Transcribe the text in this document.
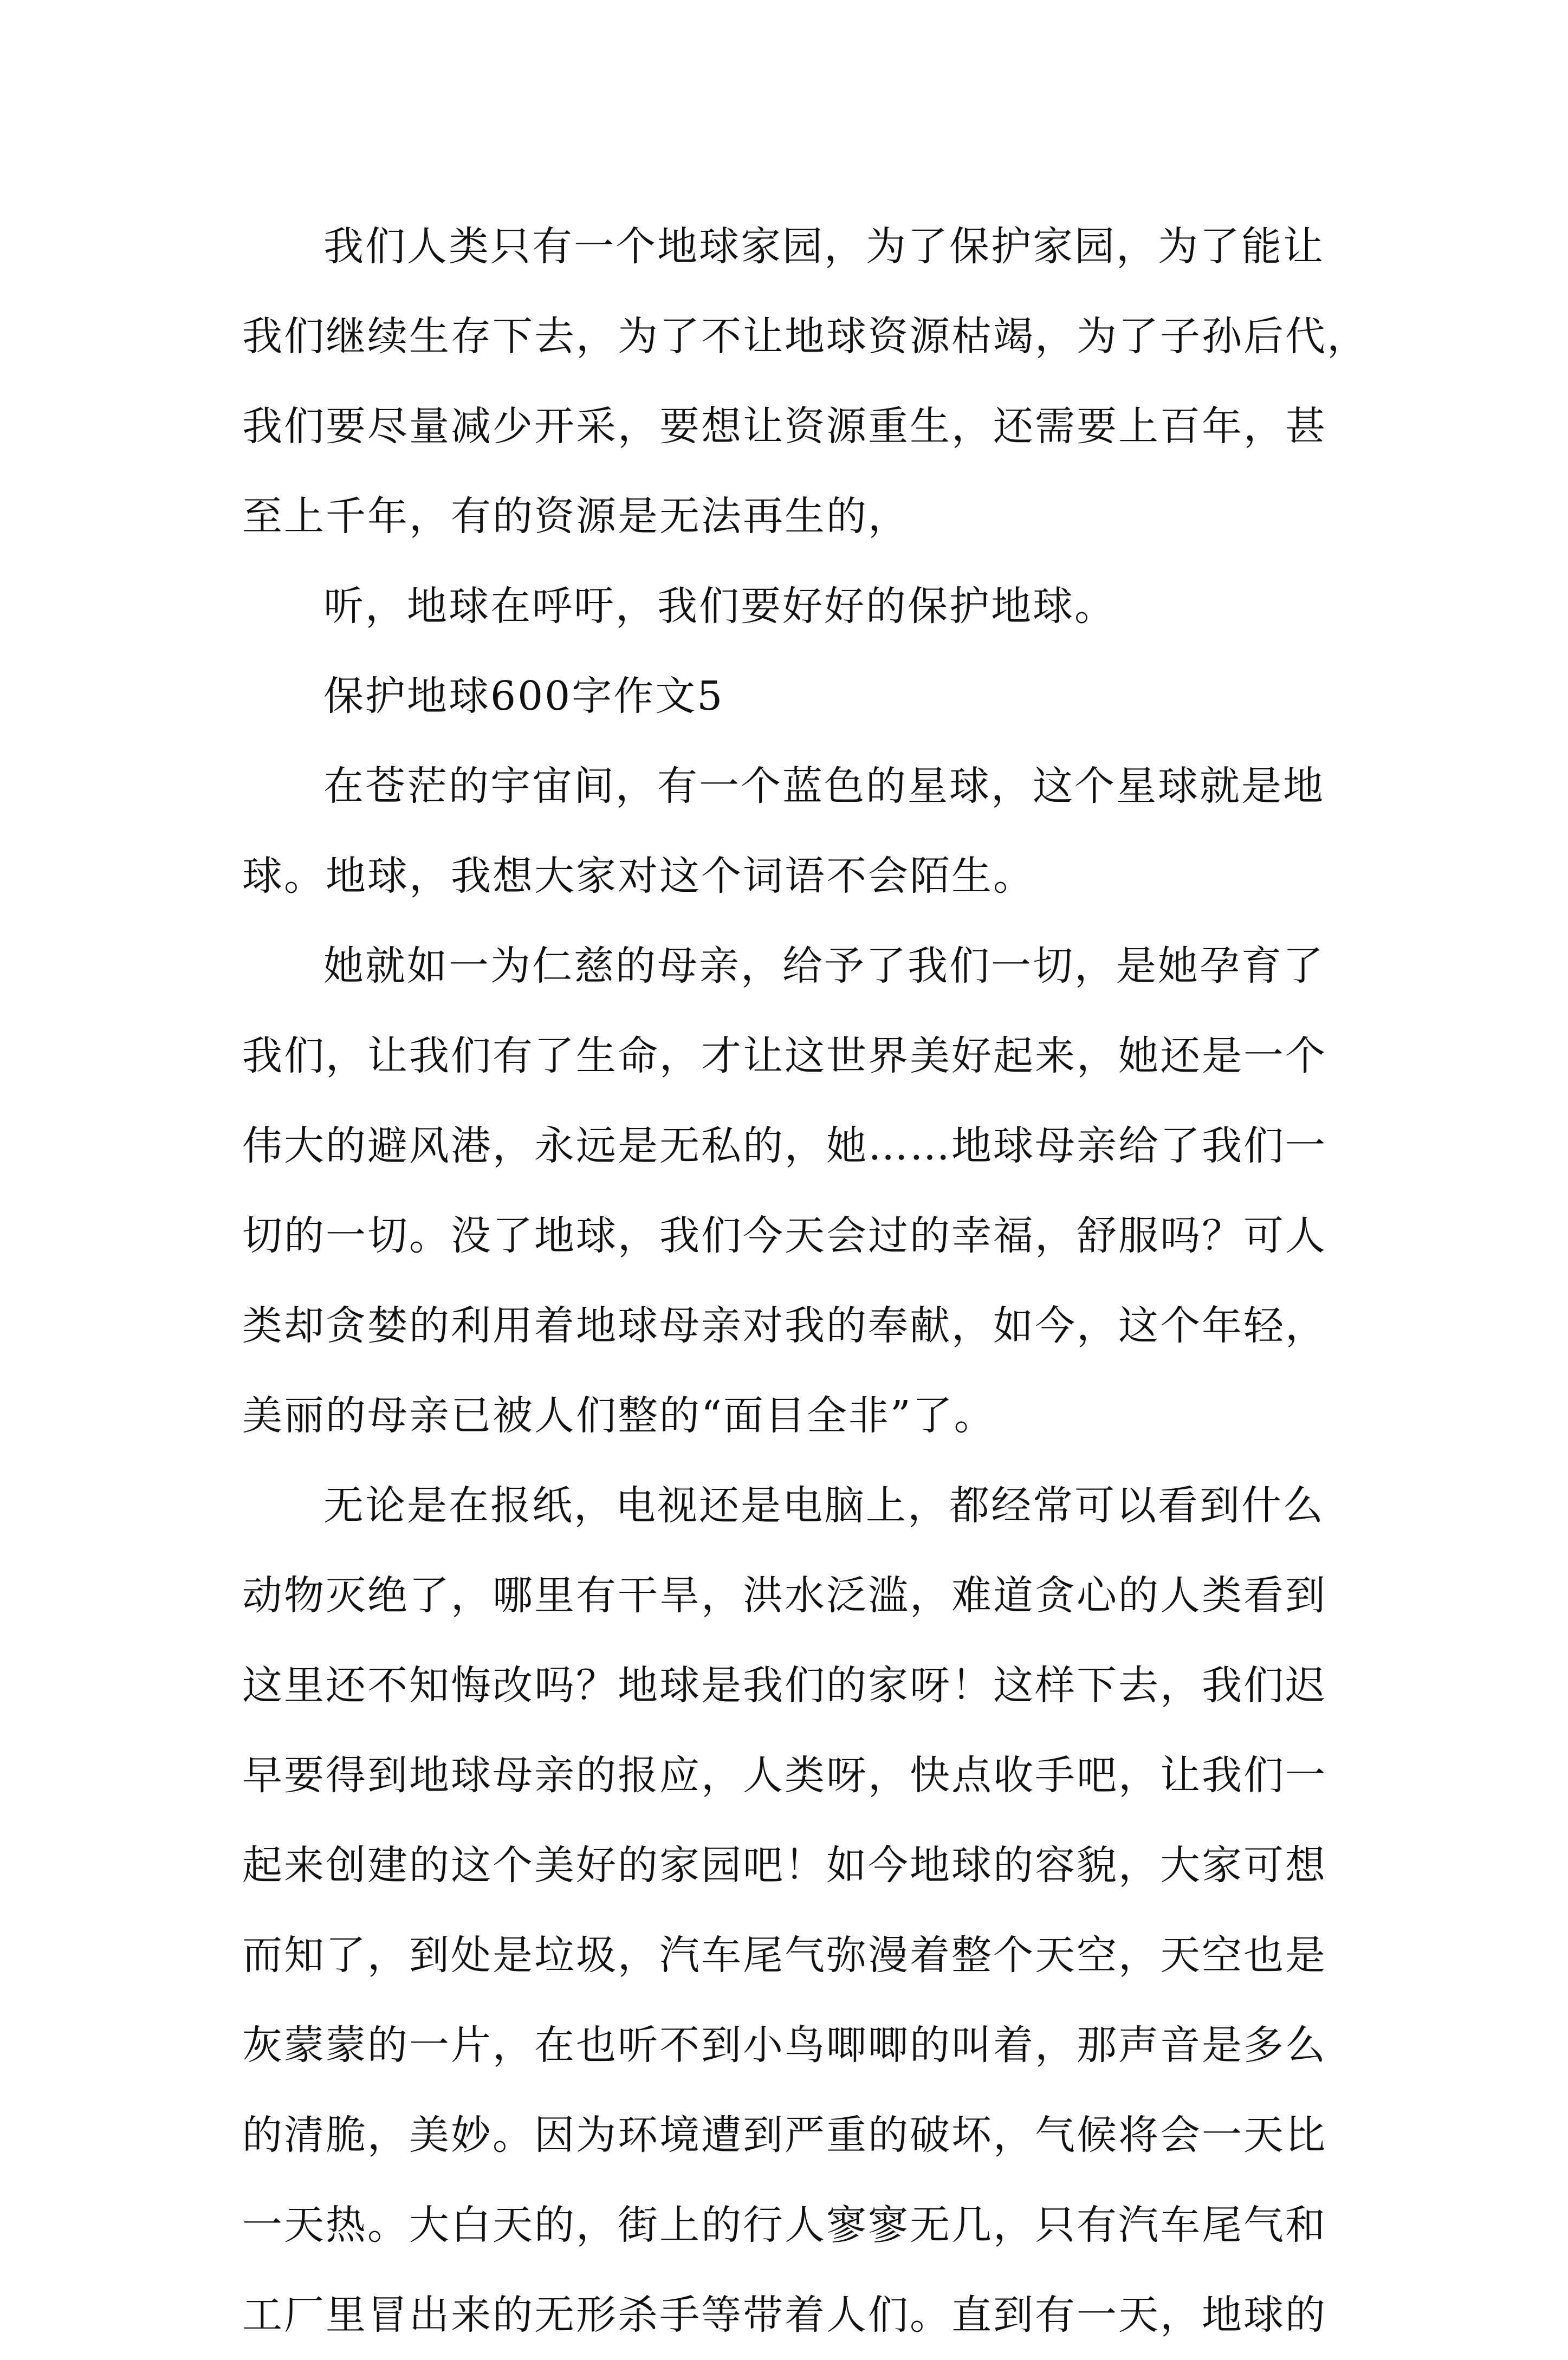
我们人类只有一个地球家园，为了保护家园，为了能让
我们继续生存下去，为了不让地球资源枯竭，为了子孙后代，
我们要尽量减少开采，要想让资源重生，还需要上百年，甚
至上千年，有的资源是无法再生的，
听，地球在呼吁，我们要好好的保护地球。
保护地球600字作文5
在苍茫的宇宙间，有一个蓝色的星球，这个星球就是地
球。地球，我想大家对这个词语不会陌生。
她就如一为仁慈的母亲，给予了我们一切，是她孕育了
我们，让我们有了生命，才让这世界美好起来，她还是一个
伟大的避风港，永远是无私的，她……地球母亲给了我们一
切的一切。没了地球，我们今天会过的幸福，舒服吗？可人
类却贪婪的利用着地球母亲对我的奉献，如今，这个年轻，
美丽的母亲已被人们整的“面目全非”了。
无论是在报纸，电视还是电脑上，都经常可以看到什么
动物灭绝了，哪里有干旱，洪水泛滥，难道贪心的人类看到
这里还不知悔改吗？地球是我们的家呀！这样下去，我们迟
早要得到地球母亲的报应，人类呀，快点收手吧，让我们一
起来创建的这个美好的家园吧！如今地球的容貌，大家可想
而知了，到处是垃圾，汽车尾气弥漫着整个天空，天空也是
灰蒙蒙的一片，在也听不到小鸟唧唧的叫着，那声音是多么
的清脆，美妙。因为环境遭到严重的破坏，气候将会一天比
一天热。大白天的，街上的行人寥寥无几，只有汽车尾气和
工厂里冒出来的无形杀手等带着人们。直到有一天，地球的
